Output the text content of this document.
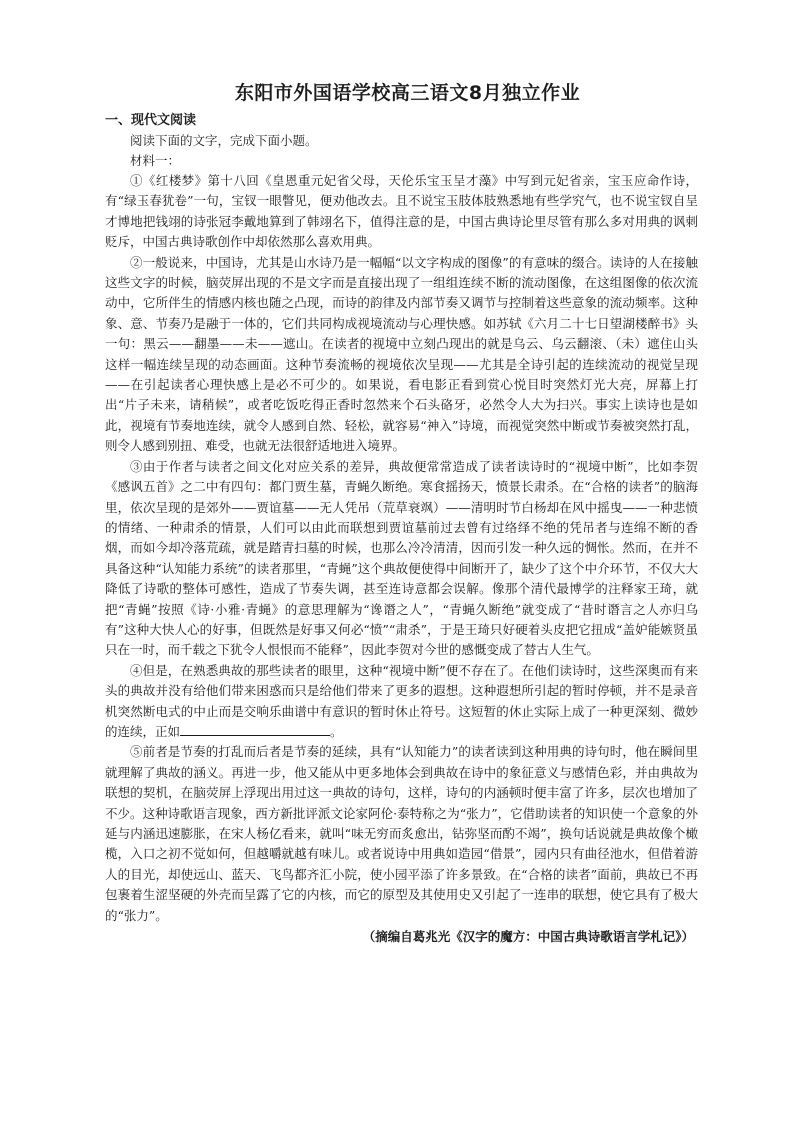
东阳市外国语学校高三语文8月独立作业
一、现代文阅读

阅读下面的文字，完成下面小题。

材料一：

①《红楼梦》第十八回《皇恩重元妃省父母，天伦乐宝玉呈才藻》中写到元妃省亲，宝玉应命作诗，有“绿玉春犹卷”一句，宝钗一眼瞥见，便劝他改去。且不说宝玉肢体肢熟悉地有些学究气，也不说宝钗自呈才博地把钱翊的诗张冠李戴地算到了韩翊名下，值得注意的是，中国古典诗论里尽管有那么多对用典的讽刺贬斥，中国古典诗歌创作中却依然那么喜欢用典。

②一般说来，中国诗，尤其是山水诗乃是一幅幅“以文字构成的图像”的有意味的缀合。读诗的人在接触这些文字的时候，脑荧屏出现的不是文字而是直接出现了一组组连续不断的流动图像，在这组图像的依次流动中，它所伴生的情感内核也随之凸现，而诗的韵律及内部节奏又调节与控制着这些意象的流动频率。这种象、意、节奏乃是融于一体的，它们共同构成视境流动与心理快感。如苏轼《六月二十七日望湖楼醉书》头一句：黑云——翻墨——未——遮山。在读者的视境中立刻凸现出的就是乌云、乌云翻滚、（未）遮住山头这样一幅连续呈现的动态画面。这种节奏流畅的视境依次呈现——尤其是全诗引起的连续流动的视觉呈现——在引起读者心理快感上是必不可少的。如果说，看电影正看到赏心悦目时突然灯光大亮，屏幕上打出“片子未来，请稍候”，或者吃饭吃得正香时忽然来个石头硌牙，必然令人大为扫兴。事实上读诗也是如此，视境有节奏地连续，就令人感到自然、轻松，就容易“神入”诗境，而视觉突然中断或节奏被突然打乱，则令人感到别扭、难受，也就无法很舒适地进入境界。

③由于作者与读者之间文化对应关系的差异，典故便常常造成了读者读诗时的“视境中断”，比如李贺《感讽五首》之二中有四句：都门贾生墓，青蝇久断绝。寒食摇扬天，愤景长肃杀。在“合格的读者”的脑海里，依次呈现的是郊外——贾谊墓——无人凭吊（荒草衰飒）——清明时节白杨却在风中摇曳——一种悲愤的情绪、一种肃杀的情景，人们可以由此而联想到贾谊墓前过去曾有过络绎不绝的凭吊者与连绵不断的香烟，而如今却冷落荒疏，就是踏青扫墓的时候，也那么冷冷清清，因而引发一种久远的惆怅。然而，在并不具备这种“认知能力系统”的读者那里，“青蝇”这个典故便使得中间断开了，缺少了这个中介环节，不仅大大降低了诗歌的整体可感性，造成了节奏失调，甚至连诗意都会误解。像那个清代最博学的注释家王琦，就把“青蝇”按照《诗·小雅·青蝇》的意思理解为“谗谮之人”，“青蝇久断绝”就变成了“昔时谮言之人亦归乌有”这种大快人心的好事，但既然是好事又何必“愤”“肃杀”，于是王琦只好硬着头皮把它扭成“盖妒能嫉贤虽只在一时，而千载之下犹令人恨恨而不能释”，因此李贺对今世的感慨变成了替古人生气。

④但是，在熟悉典故的那些读者的眼里，这种“视境中断”便不存在了。在他们读诗时，这些深奥而有来头的典故并没有给他们带来困惑而只是给他们带来了更多的遐想。这种遐想所引起的暂时停顿，并不是录音机突然断电式的中止而是交响乐曲谱中有意识的暂时休止符号。这短暂的休止实际上成了一种更深刻、微妙的连续，正如	。

⑤前者是节奏的打乱而后者是节奏的延续，具有“认知能力”的读者读到这种用典的诗句时，他在瞬间里就理解了典故的涵义。再进一步，他又能从中更多地体会到典故在诗中的象征意义与感情色彩，并由典故为联想的契机，在脑荧屏上浮现出用过这一典故的诗句，这样，诗句的内涵顿时便丰富了许多，层次也增加了不少。这种诗歌语言现象，西方新批评派文论家阿伦·泰特称之为“张力”，它借助读者的知识使一个意象的外延与内涵迅速膨胀，在宋人杨亿看来，就叫“味无穷而炙愈出，钻弥坚而酌不竭”，换句话说就是典故像个橄榄，入口之初不觉如何，但越嚼就越有味儿。或者说诗中用典如造园“借景”，园内只有曲径池水，但借着游人的目光，却使远山、蓝天、飞鸟都齐汇小院，使小园平添了许多景致。在“合格的读者”面前，典故已不再包裹着生涩坚硬的外壳而呈露了它的内核，而它的原型及其使用史又引起了一连串的联想，使它具有了极大的“张力”。

（摘编自葛兆光《汉字的魔方：中国古典诗歌语言学札记》）
